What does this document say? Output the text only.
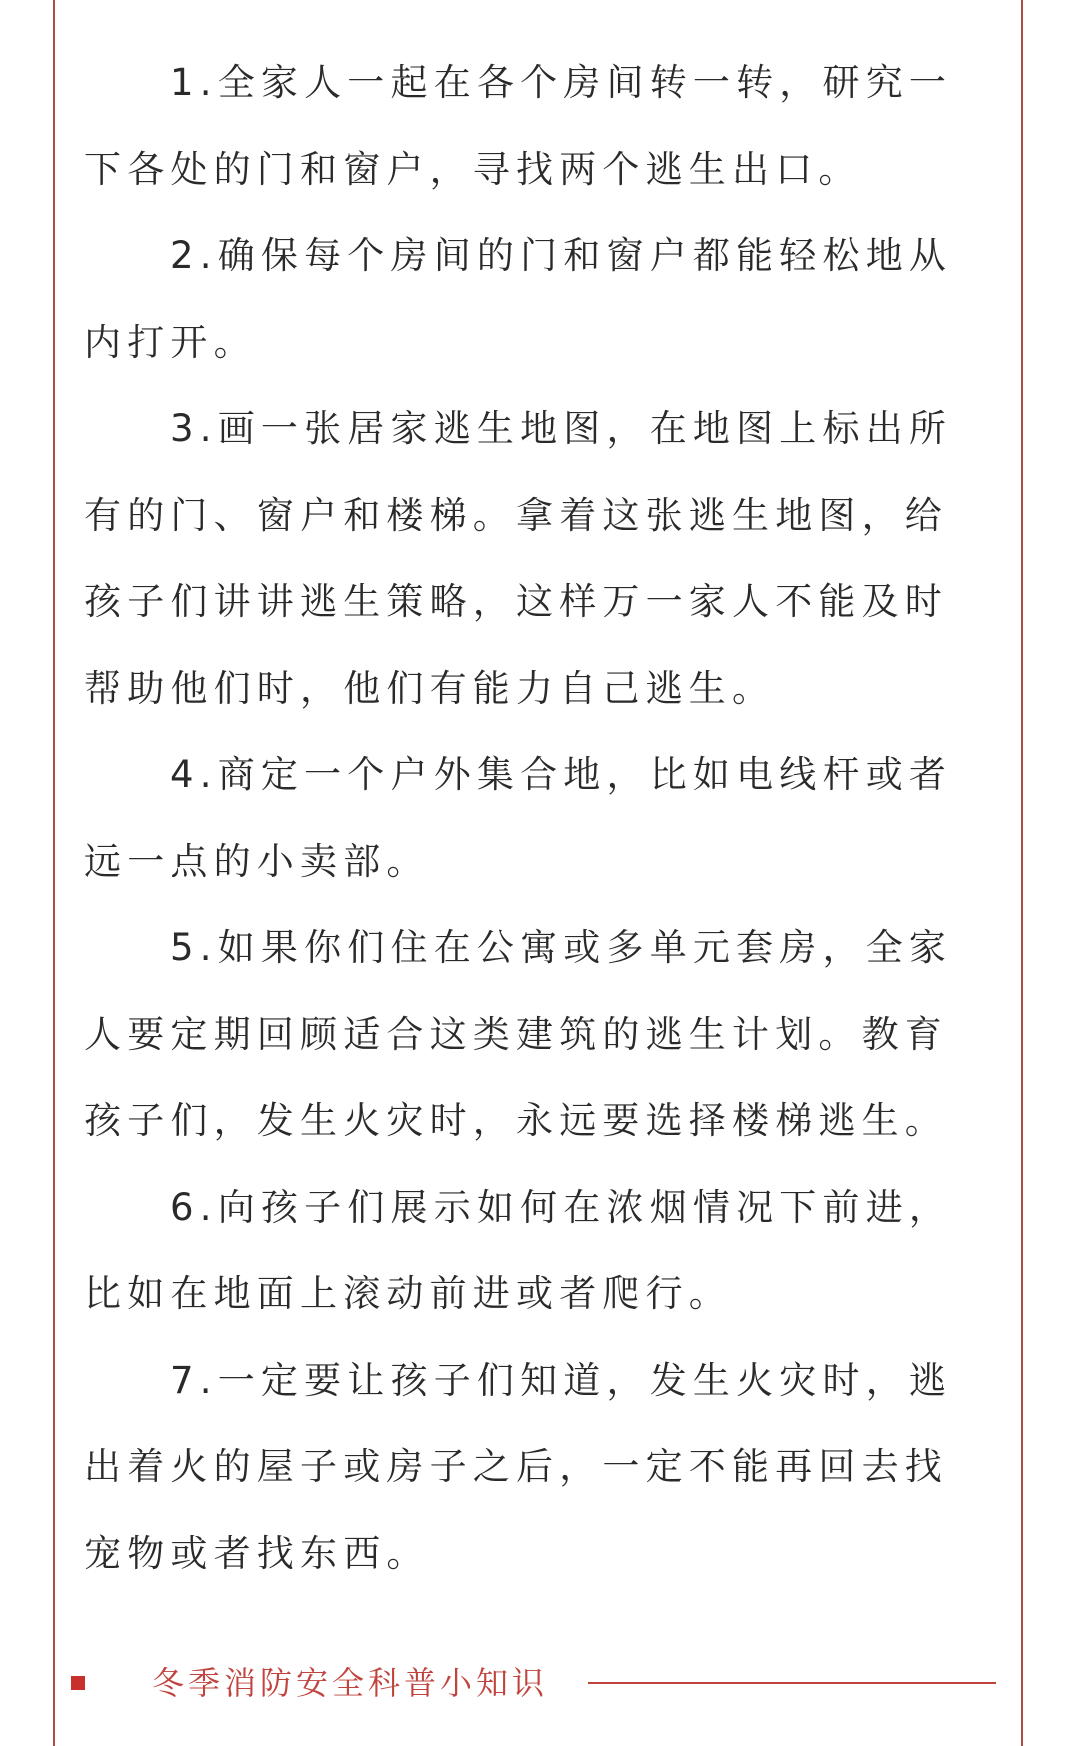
1.全家人一起在各个房间转一转，研究一下各处的门和窗户，寻找两个逃生出口。

2.确保每个房间的门和窗户都能轻松地从内打开。

3.画一张居家逃生地图，在地图上标出所有的门、窗户和楼梯。拿着这张逃生地图，给孩子们讲讲逃生策略，这样万一家人不能及时帮助他们时，他们有能力自己逃生。

4.商定一个户外集合地，比如电线杆或者远一点的小卖部。

5.如果你们住在公寓或多单元套房，全家人要定期回顾适合这类建筑的逃生计划。教育孩子们，发生火灾时，永远要选择楼梯逃生。

6.向孩子们展示如何在浓烟情况下前进，比如在地面上滚动前进或者爬行。

7.一定要让孩子们知道，发生火灾时，逃出着火的屋子或房子之后，一定不能再回去找宠物或者找东西。

冬季消防安全科普小知识
